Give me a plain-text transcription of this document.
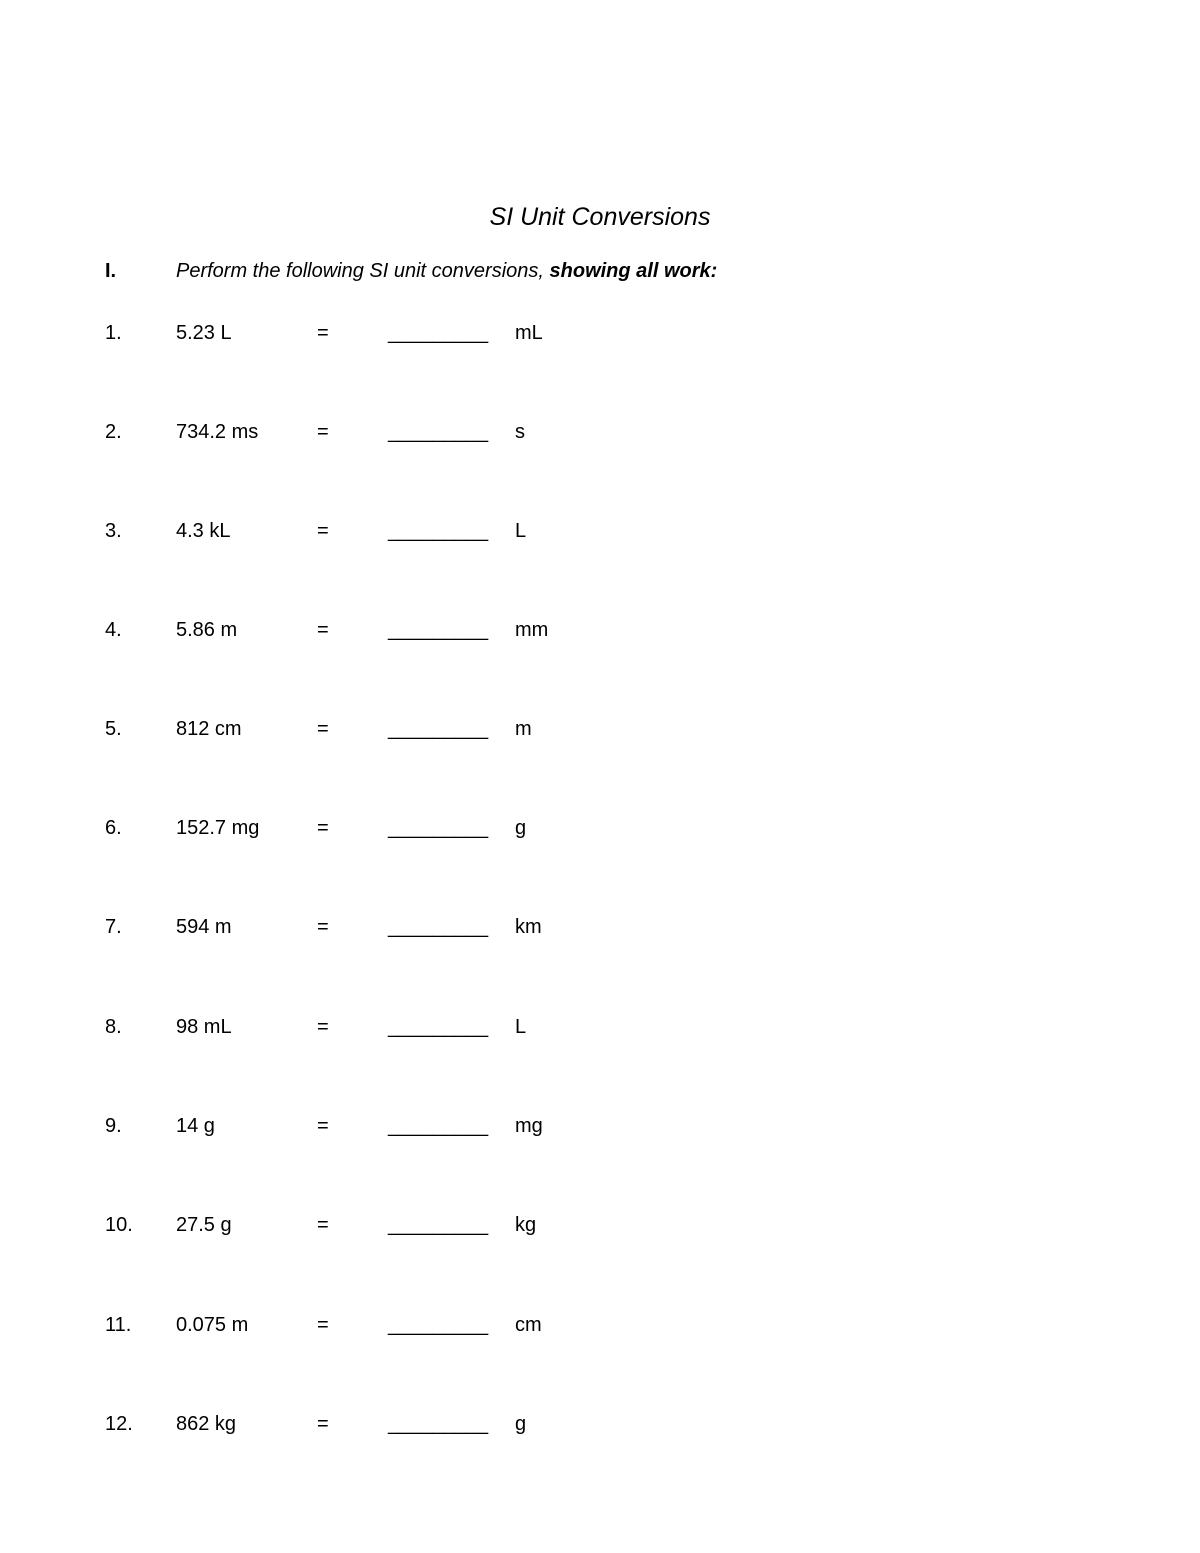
SI Unit Conversions
I.	Perform the following SI unit conversions, showing all work:
1.	5.23 L	=	_________ mL
2.	734.2 ms	=	_________ s
3.	4.3 kL	=	_________ L
4.	5.86 m	=	_________ mm
5.	812 cm	=	_________ m
6.	152.7 mg	=	_________ g
7.	594 m	=	_________ km
8.	98 mL	=	_________ L
9.	14 g	=	_________ mg
10. 27.5 g	=	_________ kg
11. 0.075 m	=	_________ cm
12. 862 kg	=	_________ g
